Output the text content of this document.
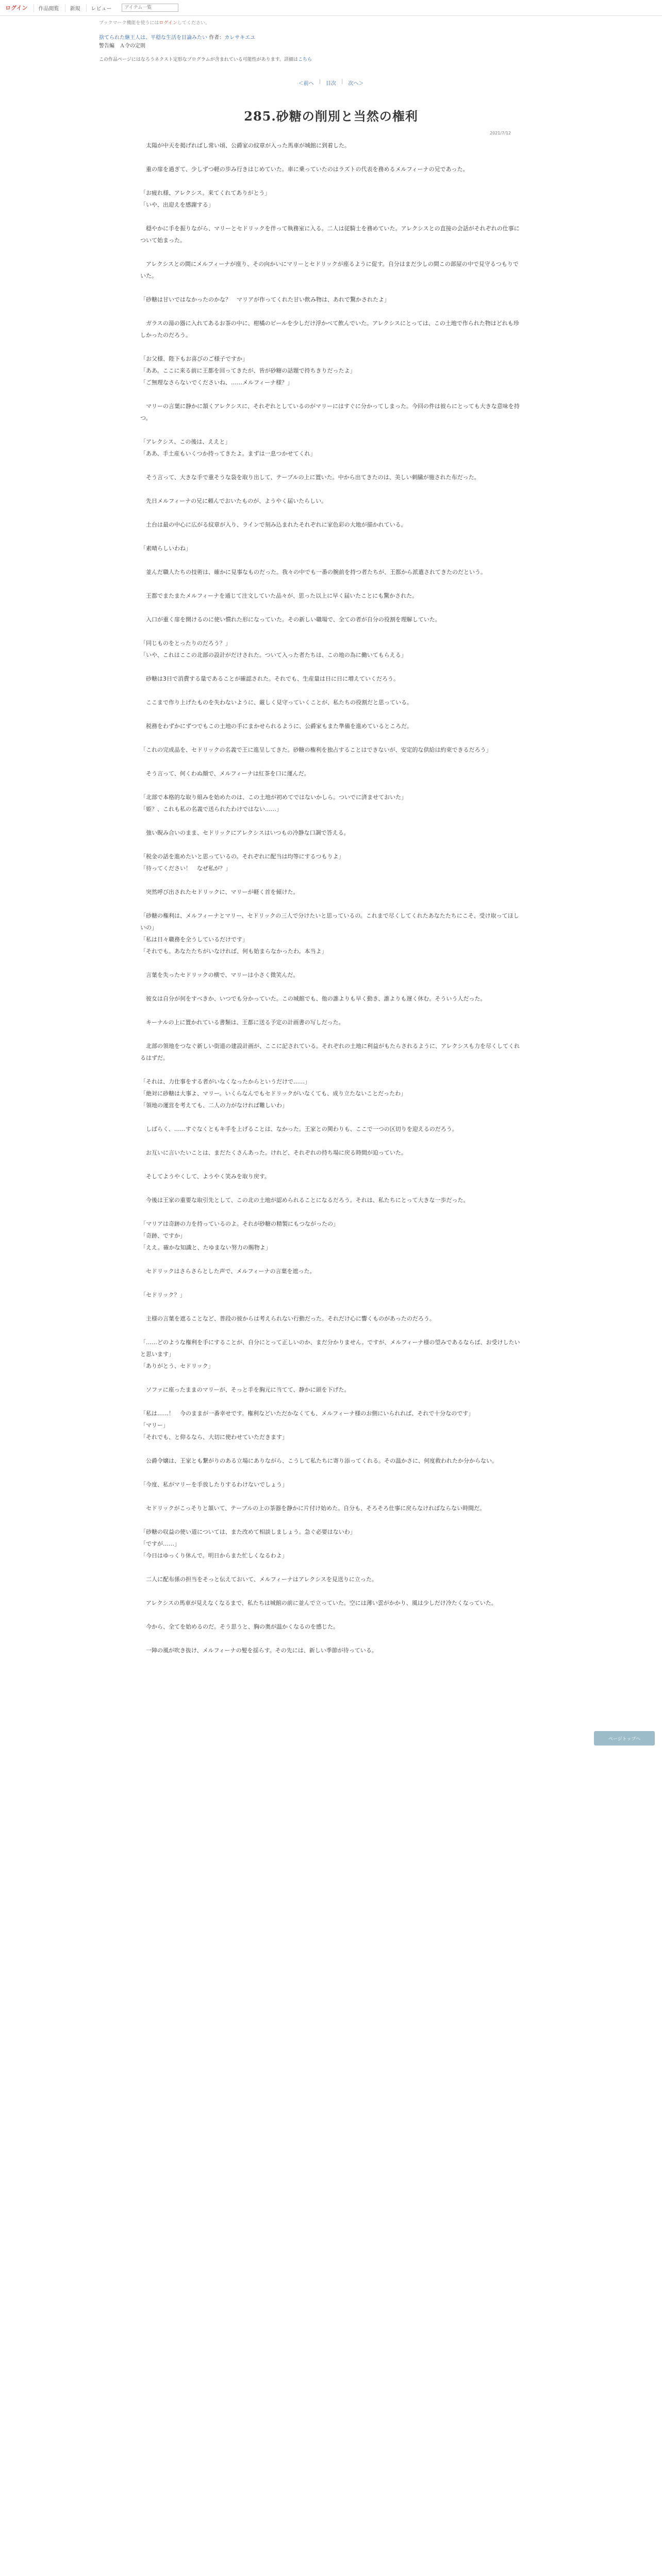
ログイン	作品閲覧	新規	レビュー
アイテム一覧
ブックマーク機能を使うにはログインしてください。
捨てられた継王人は、平穏な生活を目論みたい 作者：カレサキエユ
警告編　Ａ令の定則
この作品ページにはなろうネクスト定形なプログラムが含まれている可能性があります。詳細はこちら
＜前へ | 目次 | 次へ＞
2021/7/12
285.砂糖の削別と当然の権利

　太陽が中天を掲げればし常い頃、公爵家の紋章が入った馬車が城館に到着した。

　重の扉を過ぎて、少しずつ軽の歩み行きはじめていた。車に乗っていたのはラズトの代表を務めるメルフィーナの兄であった。

「お疲れ様、アレクシス。来てくれてありがとう」
「いや、出迎えを感謝する」

　穏やかに手を振りながら、マリーとセドリックを伴って執務室に入る。二人は従騎士を務めていた。アレクシスとの直接の会話がそれぞれの仕事について始まった。

　アレクシスとの間にメルフィーナが座り、その向かいにマリーとセドリックが座るように促す。自分はまだ少しの間この部屋の中で見守るつもりでいた。

「砂糖は甘いではなかったのかな？　マリアが作ってくれた甘い飲み物は、あれで驚かされたよ」

　ガラスの湯の器に入れてあるお茶の中に、柑橘のピールを少しだけ浮かべて飲んでいた。アレクシスにとっては、この土地で作られた物はどれも珍しかったのだろう。

「お父様、陛下もお喜びのご様子ですか」
「ああ。ここに来る前に王都を回ってきたが、皆が砂糖の話題で持ちきりだったよ」
「ご無理なさらないでくださいね、……メルフィーナ様？」

　マリーの言葉に静かに頷くアレクシスに、それぞれとしているのがマリーにはすぐに分かってしまった。今回の件は彼らにとっても大きな意味を持つ。

「アレクシス、この後は、ええと」
「ああ、手土産もいくつか持ってきたよ。まずは一息つかせてくれ」

　そう言って、大きな手で重そうな袋を取り出して、テーブルの上に置いた。中から出てきたのは、美しい刺繍が施された布だった。

　先日メルフィーナの兄に頼んでおいたものが、ようやく届いたらしい。

　土台は最の中心に広がる紋章が入り、ラインで刻み込まれたそれぞれに家色彩の大地が描かれている。

「素晴らしいわね」

　並んだ職人たちの技術は、確かに見事なものだった。我々の中でも一番の腕前を持つ者たちが、王都から派遣されてきたのだという。

　王都でまたまたメルフィーナを通じて注文していた品々が、思った以上に早く届いたことにも驚かされた。

　入口が重く扉を開けるのに使い慣れた形になっていた。その新しい職場で、全ての者が自分の役割を理解していた。

「同じものをとったりのだろう？」
「いや、これはここの北部の設計がだけされた。ついて入った者たちは、この地の為に働いてもらえる」

　砂糖は3日で消費する量であることが確認された。それでも、生産量は日に日に増えていくだろう。

　ここまで作り上げたものを失わないように、厳しく見守っていくことが、私たちの役割だと思っている。

　税務をわずかにずつでもこの土地の手にまかせられるように、公爵家もまた準備を進めているところだ。

「これの完成品を、セドリックの名義で王に進呈してきた。砂糖の権利を独占することはできないが、安定的な供給は約束できるだろう」

　そう言って、何くわぬ顔で、メルフィーナは紅茶を口に運んだ。

「北部で本格的な取り組みを始めたのは、この土地が初めてではないかしら。ついでに済ませておいた」
「姫？、これも私の名義で送られたわけではない……」

　強い睨み合いのまま、セドリックにアレクシスはいつもの冷静な口調で答える。

「税金の話を進めたいと思っているの。それぞれに配当は均等にするつもりよ」
「待ってください！　なぜ私が？」

　突然呼び出されたセドリックに、マリーが軽く首を傾けた。

「砂糖の権利は、メルフィーナとマリー、セドリックの三人で分けたいと思っているの。これまで尽くしてくれたあなたたちにこそ、受け取ってほしいの」
「私は日々職務を全うしているだけです」
「それでも。あなたたちがいなければ、何も始まらなかったわ。本当よ」

　言葉を失ったセドリックの横で、マリーは小さく微笑んだ。

　彼女は自分が何をすべきか、いつでも分かっていた。この城館でも、他の誰よりも早く動き、誰よりも遅く休む。そういう人だった。

　キーナルの上に置かれている書類は、王都に送る予定の計画書の写しだった。

　北部の領地をつなぐ新しい街道の建設計画が、ここに記されている。それぞれの土地に利益がもたらされるように、アレクシスも力を尽くしてくれるはずだ。

「それは、力仕事をする者がいなくなったからというだけで……」
「絶対に砂糖は大事よ、マリー。いくらなんでもセドリックがいなくても、成り立たないことだったわ」
「領地の運営を考えても、二人の力がなければ難しいわ」

　しばらく、……すぐなくともキ手を上げることは、なかった。王家との関わりも、ここで一つの区切りを迎えるのだろう。

　お互いに言いたいことは、まだたくさんあった。けれど、それぞれの持ち場に戻る時間が迫っていた。

　そしてようやくして、ようやく笑みを取り戻す。

　今後は王家の重要な取引先として、この北の土地が認められることになるだろう。それは、私たちにとって大きな一歩だった。

「マリアは奇跡の力を持っているのよ。それが砂糖の精製にもつながったの」
「奇跡、ですか」
「ええ。確かな知識と、たゆまない努力の賜物よ」

　セドリックはさらさらとした声で、メルフィーナの言葉を遮った。

「セドリック？」

　主様の言葉を遮ることなど、普段の彼からは考えられない行動だった。それだけ心に響くものがあったのだろう。

「……どのような権利を手にすることが、自分にとって正しいのか、まだ分かりません。ですが、メルフィーナ様の望みであるならば、お受けしたいと思います」
「ありがとう、セドリック」

　ソファに座ったままのマリーが、そっと手を胸元に当てて、静かに頭を下げた。

「私は……！　今のままが一番幸せです。権利などいただかなくても、メルフィーナ様のお側にいられれば、それで十分なのです」
「マリー」
「それでも、と仰るなら、大切に使わせていただきます」

　公爵令嬢は、王家とも繋がりのある立場にありながら、こうして私たちに寄り添ってくれる。その温かさに、何度救われたか分からない。

「今度、私がマリーを手放したりするわけないでしょう」

　セドリックがこっそりと頷いて、テーブルの上の茶器を静かに片付け始めた。自分も、そろそろ仕事に戻らなければならない時間だ。

「砂糖の収益の使い道については、また改めて相談しましょう。急ぐ必要はないわ」
「ですが……」
「今日はゆっくり休んで。明日からまた忙しくなるわよ」

　二人に配布係の担当をそっと伝えておいて、メルフィーナはアレクシスを見送りに立った。

　アレクシスの馬車が見えなくなるまで、私たちは城館の前に並んで立っていた。空には薄い雲がかかり、風は少しだけ冷たくなっていた。

　今から、全てを始めるのだ。そう思うと、胸の奥が温かくなるのを感じた。

　一陣の風が吹き抜け、メルフィーナの髪を揺らす。その先には、新しい季節が待っている。

ページトップへ
